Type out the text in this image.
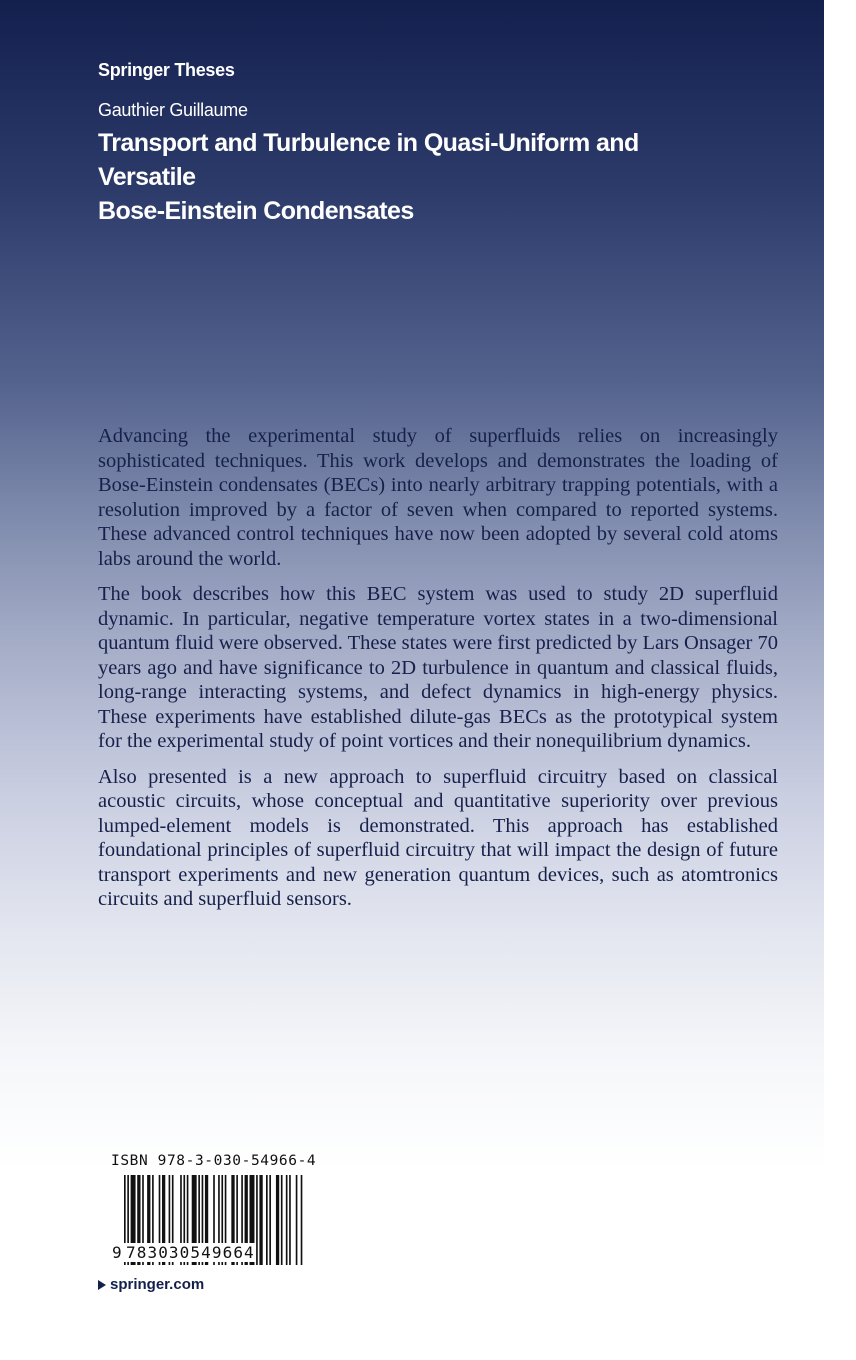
Springer Theses
Gauthier Guillaume
Transport and Turbulence in Quasi-Uniform and Versatile
Bose-Einstein Condensates

Advancing the experimental study of superfluids relies on increasingly sophisticated techniques. This work develops and demonstrates the loading of Bose-Einstein condensates (BECs) into nearly arbitrary trapping potentials, with a resolution improved by a factor of seven when compared to reported systems. These advanced control techniques have now been adopted by several cold atoms labs around the world.

The book describes how this BEC system was used to study 2D superfluid dynamic. In particular, negative temperature vortex states in a two-dimensional quantum fluid were observed. These states were first predicted by Lars Onsager 70 years ago and have significance to 2D turbulence in quantum and classical fluids, long-range interacting systems, and defect dynamics in high-energy physics. These experiments have established dilute-gas BECs as the prototypical system for the experimental study of point vortices and their nonequilibrium dynamics.

Also presented is a new approach to superfluid circuitry based on classical acoustic circuits, whose conceptual and quantitative superiority over previous lumped-element models is demonstrated. This approach has established foundational principles of superfluid circuitry that will impact the design of future transport experiments and new generation quantum devices, such as atomtronics circuits and superfluid sensors.

ISBN 978-3-030-54966-4
9 783030549664
springer.com
